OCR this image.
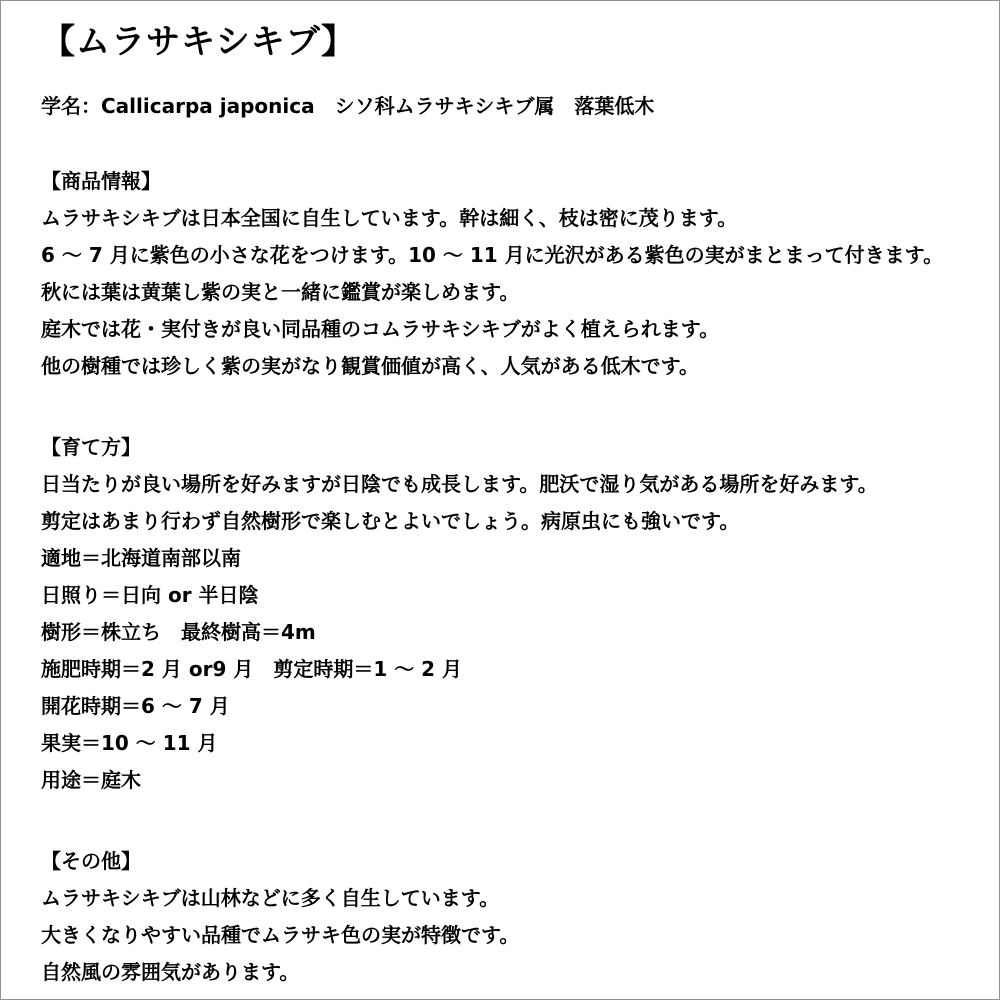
【ムラサキシキブ】
学名：Callicarpa japonica　シソ科ムラサキシキブ属　落葉低木
【商品情報】
ムラサキシキブは日本全国に自生しています。幹は細く、枝は密に茂ります。
6 ～ 7 月に紫色の小さな花をつけます。10 ～ 11 月に光沢がある紫色の実がまとまって付きます。
秋には葉は黄葉し紫の実と一緒に鑑賞が楽しめます。
庭木では花・実付きが良い同品種のコムラサキシキブがよく植えられます。
他の樹種では珍しく紫の実がなり観賞価値が高く、人気がある低木です。
【育て方】
日当たりが良い場所を好みますが日陰でも成長します。肥沃で湿り気がある場所を好みます。
剪定はあまり行わず自然樹形で楽しむとよいでしょう。病原虫にも強いです。
適地＝北海道南部以南
日照り＝日向 or 半日陰
樹形＝株立ち　最終樹高＝4m
施肥時期＝2 月 or9 月　剪定時期＝1 ～ 2 月
開花時期＝6 ～ 7 月
果実＝10 ～ 11 月
用途＝庭木
【その他】
ムラサキシキブは山林などに多く自生しています。
大きくなりやすい品種でムラサキ色の実が特徴です。
自然風の雰囲気があります。
